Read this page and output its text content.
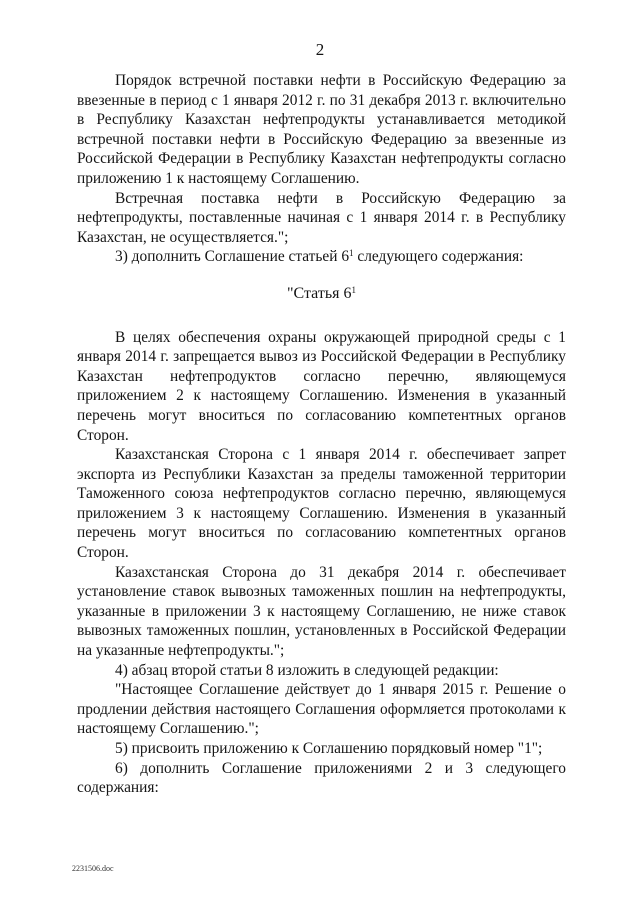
2

Порядок встречной поставки нефти в Российскую Федерацию за ввезенные в период с 1 января 2012 г. по 31 декабря 2013 г. включительно в Республику Казахстан нефтепродукты устанавливается методикой встречной поставки нефти в Российскую Федерацию за ввезенные из Российской Федерации в Республику Казахстан нефтепродукты согласно приложению 1 к настоящему Соглашению.

Встречная поставка нефти в Российскую Федерацию за нефтепродукты, поставленные начиная с 1 января 2014 г. в Республику Казахстан, не осуществляется.";

3) дополнить Соглашение статьей $6^1$ следующего содержания:

"Статья $6^1$

В целях обеспечения охраны окружающей природной среды с 1 января 2014 г. запрещается вывоз из Российской Федерации в Республику Казахстан нефтепродуктов согласно перечню, являющемуся приложением 2 к настоящему Соглашению. Изменения в указанный перечень могут вноситься по согласованию компетентных органов Сторон.

Казахстанская Сторона с 1 января 2014 г. обеспечивает запрет экспорта из Республики Казахстан за пределы таможенной территории Таможенного союза нефтепродуктов согласно перечню, являющемуся приложением 3 к настоящему Соглашению. Изменения в указанный перечень могут вноситься по согласованию компетентных органов Сторон.

Казахстанская Сторона до 31 декабря 2014 г. обеспечивает установление ставок вывозных таможенных пошлин на нефтепродукты, указанные в приложении 3 к настоящему Соглашению, не ниже ставок вывозных таможенных пошлин, установленных в Российской Федерации на указанные нефтепродукты.";

4) абзац второй статьи 8 изложить в следующей редакции:

"Настоящее Соглашение действует до 1 января 2015 г. Решение о продлении действия настоящего Соглашения оформляется протоколами к настоящему Соглашению.";

5) присвоить приложению к Соглашению порядковый номер "1";

6) дополнить Соглашение приложениями 2 и 3 следующего содержания:

2231506.doc
